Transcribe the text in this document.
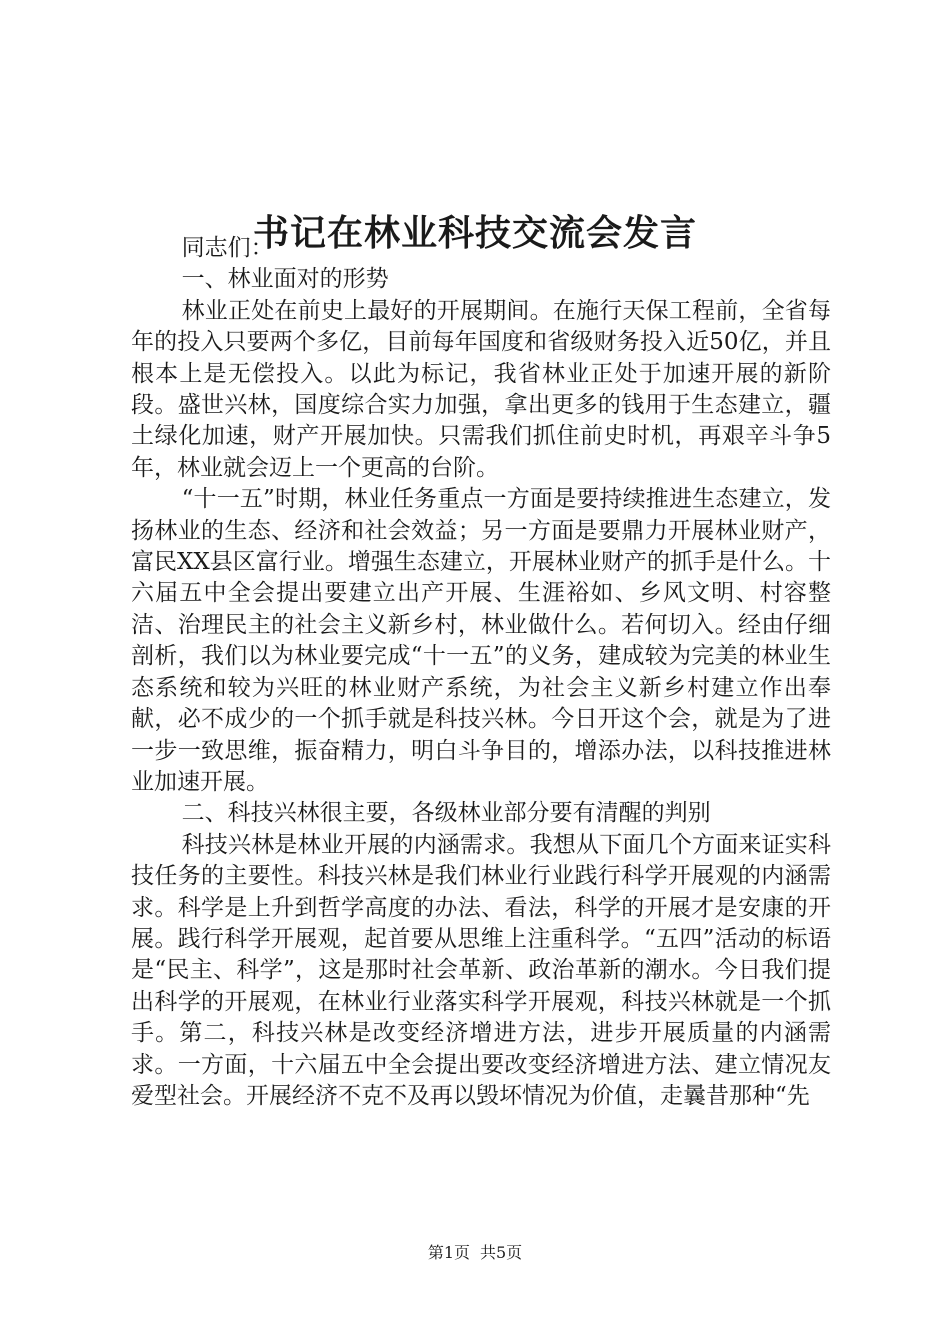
书记在林业科技交流会发言

同志们：

一、林业面对的形势

林业正处在前史上最好的开展期间。在施行天保工程前，全省每年的投入只要两个多亿，目前每年国度和省级财务投入近50亿，并且根本上是无偿投入。以此为标记，我省林业正处于加速开展的新阶段。盛世兴林，国度综合实力加强，拿出更多的钱用于生态建立，疆土绿化加速，财产开展加快。只需我们抓住前史时机，再艰辛斗争5年，林业就会迈上一个更高的台阶。

“十一五”时期，林业任务重点一方面是要持续推进生态建立，发扬林业的生态、经济和社会效益；另一方面是要鼎力开展林业财产，富民XX县区富行业。增强生态建立，开展林业财产的抓手是什么。十六届五中全会提出要建立出产开展、生涯裕如、乡风文明、村容整洁、治理民主的社会主义新乡村，林业做什么。若何切入。经由仔细剖析，我们以为林业要完成“十一五”的义务，建成较为完美的林业生态系统和较为兴旺的林业财产系统，为社会主义新乡村建立作出奉献，必不成少的一个抓手就是科技兴林。今日开这个会，就是为了进一步一致思维，振奋精力，明白斗争目的，增添办法，以科技推进林业加速开展。

二、科技兴林很主要，各级林业部分要有清醒的判别

科技兴林是林业开展的内涵需求。我想从下面几个方面来证实科技任务的主要性。科技兴林是我们林业行业践行科学开展观的内涵需求。科学是上升到哲学高度的办法、看法，科学的开展才是安康的开展。践行科学开展观，起首要从思维上注重科学。“五四”活动的标语是“民主、科学”，这是那时社会革新、政治革新的潮水。今日我们提出科学的开展观，在林业行业落实科学开展观，科技兴林就是一个抓手。第二，科技兴林是改变经济增进方法，进步开展质量的内涵需求。一方面，十六届五中全会提出要改变经济增进方法、建立情况友爱型社会。开展经济不克不及再以毁坏情况为价值，走曩昔那种“先

第1页 共5页
